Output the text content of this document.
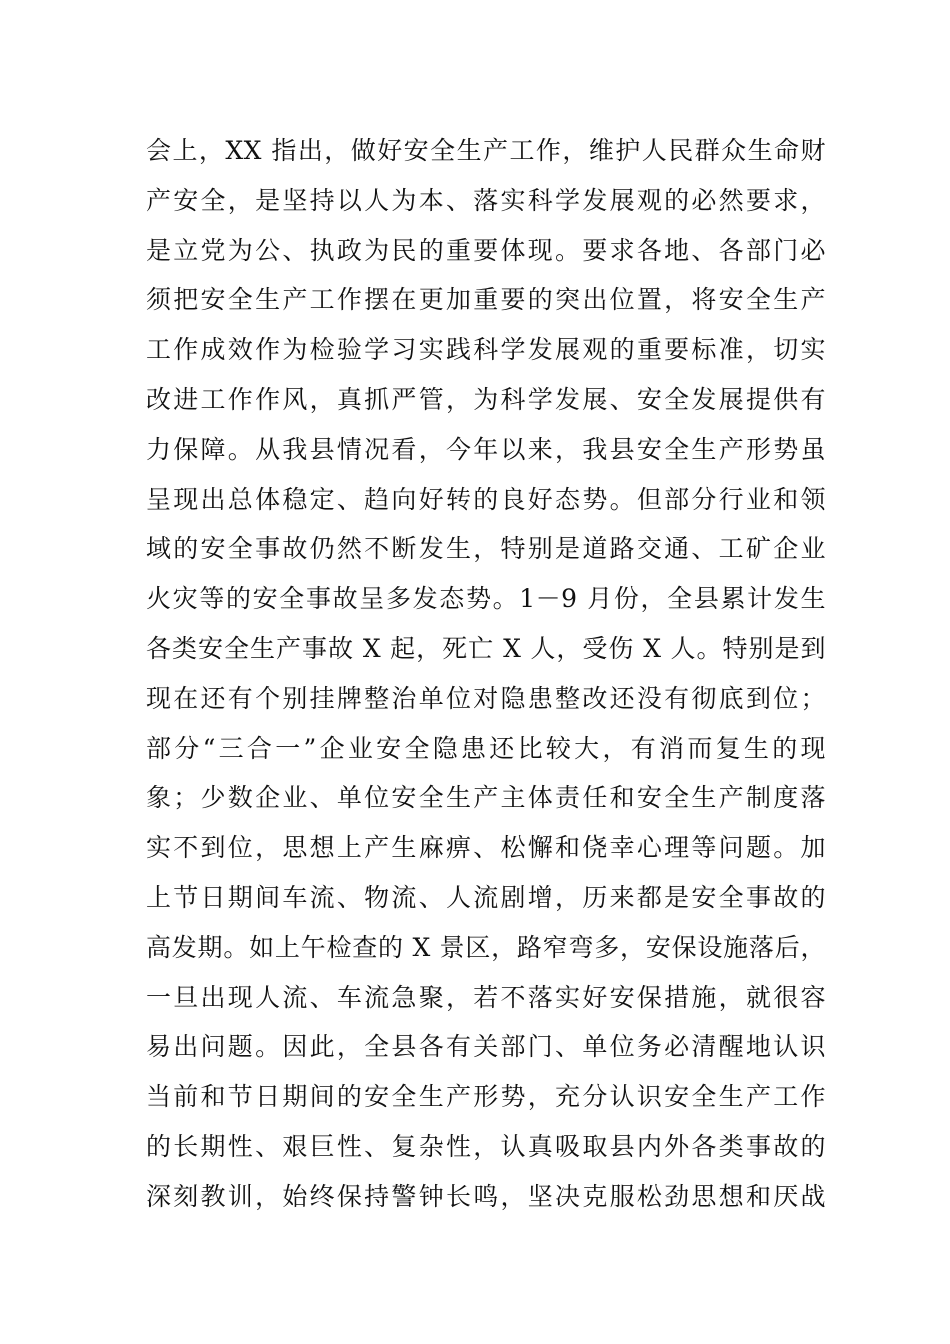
会上，XX 指出，做好安全生产工作，维护人民群众生命财
产安全，是坚持以人为本、落实科学发展观的必然要求，
是立党为公、执政为民的重要体现。要求各地、各部门必
须把安全生产工作摆在更加重要的突出位置，将安全生产
工作成效作为检验学习实践科学发展观的重要标准，切实
改进工作作风，真抓严管，为科学发展、安全发展提供有
力保障。从我县情况看，今年以来，我县安全生产形势虽
呈现出总体稳定、趋向好转的良好态势。但部分行业和领
域的安全事故仍然不断发生，特别是道路交通、工矿企业
火灾等的安全事故呈多发态势。1－9 月份，全县累计发生
各类安全生产事故 X 起，死亡 X 人，受伤 X 人。特别是到
现在还有个别挂牌整治单位对隐患整改还没有彻底到位；
部分“三合一”企业安全隐患还比较大，有消而复生的现
象；少数企业、单位安全生产主体责任和安全生产制度落
实不到位，思想上产生麻痹、松懈和侥幸心理等问题。加
上节日期间车流、物流、人流剧增，历来都是安全事故的
高发期。如上午检查的 X 景区，路窄弯多，安保设施落后，
一旦出现人流、车流急聚，若不落实好安保措施，就很容
易出问题。因此，全县各有关部门、单位务必清醒地认识
当前和节日期间的安全生产形势，充分认识安全生产工作
的长期性、艰巨性、复杂性，认真吸取县内外各类事故的
深刻教训，始终保持警钟长鸣，坚决克服松劲思想和厌战
